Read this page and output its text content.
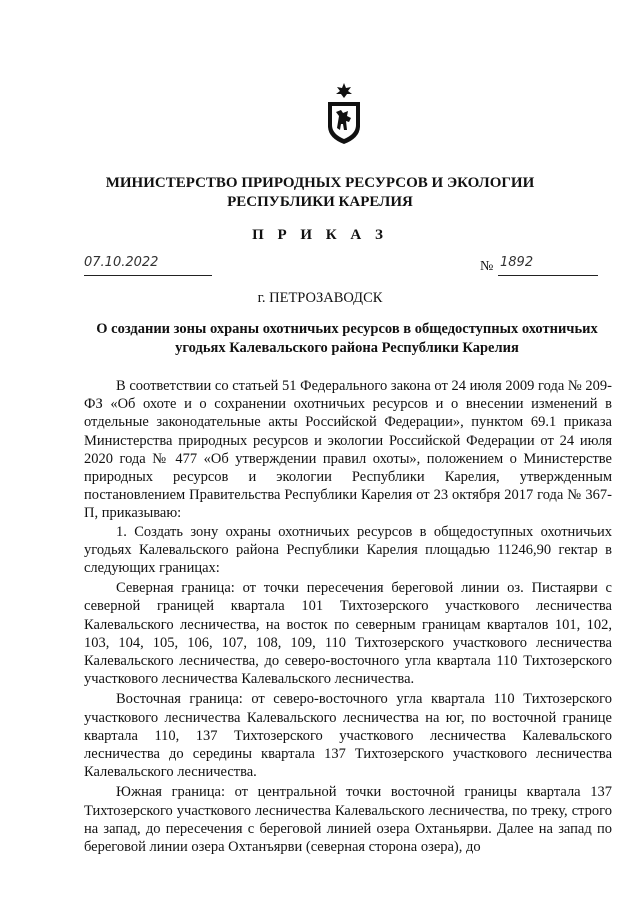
МИНИСТЕРСТВО ПРИРОДНЫХ РЕСУРСОВ И ЭКОЛОГИИ

РЕСПУБЛИКИ КАРЕЛИЯ

П Р И К А З

07.10.2022	№ 1892
г. ПЕТРОЗАВОДСК
О создании зоны охраны охотничьих ресурсов в общедоступных охотничьих угодьях Калевальского района Республики Карелия

В соответствии со статьей 51 Федерального закона от 24 июля 2009 года № 209-ФЗ «Об охоте и о сохранении охотничьих ресурсов и о внесении изменений в отдельные законодательные акты Российской Федерации», пунктом 69.1 приказа Министерства природных ресурсов и экологии Российской Федерации от 24 июля 2020 года № 477 «Об утверждении правил охоты», положением о Министерстве природных ресурсов и экологии Республики Карелия, утвержденным постановлением Правительства Республики Карелия от 23 октября 2017 года № 367-П, приказываю:

1. Создать зону охраны охотничьих ресурсов в общедоступных охотничьих угодьях Калевальского района Республики Карелия площадью 11246,90 гектар в следующих границах:

Северная граница: от точки пересечения береговой линии оз. Пистаярви с северной границей квартала 101 Тихтозерского участкового лесничества Калевальского лесничества, на восток по северным границам кварталов 101, 102, 103, 104, 105, 106, 107, 108, 109, 110 Тихтозерского участкового лесничества Калевальского лесничества, до северо-восточного угла квартала 110 Тихтозерского участкового лесничества Калевальского лесничества.

Восточная граница: от северо-восточного угла квартала 110 Тихтозерского участкового лесничества Калевальского лесничества на юг, по восточной границе квартала 110, 137 Тихтозерского участкового лесничества Калевальского лесничества до середины квартала 137 Тихтозерского участкового лесничества Калевальского лесничества.

Южная граница: от центральной точки восточной границы квартала 137 Тихтозерского участкового лесничества Калевальского лесничества, по треку, строго на запад, до пересечения с береговой линией озера Охтаньярви. Далее на запад по береговой линии озера Охтанъярви (северная сторона озера), до
